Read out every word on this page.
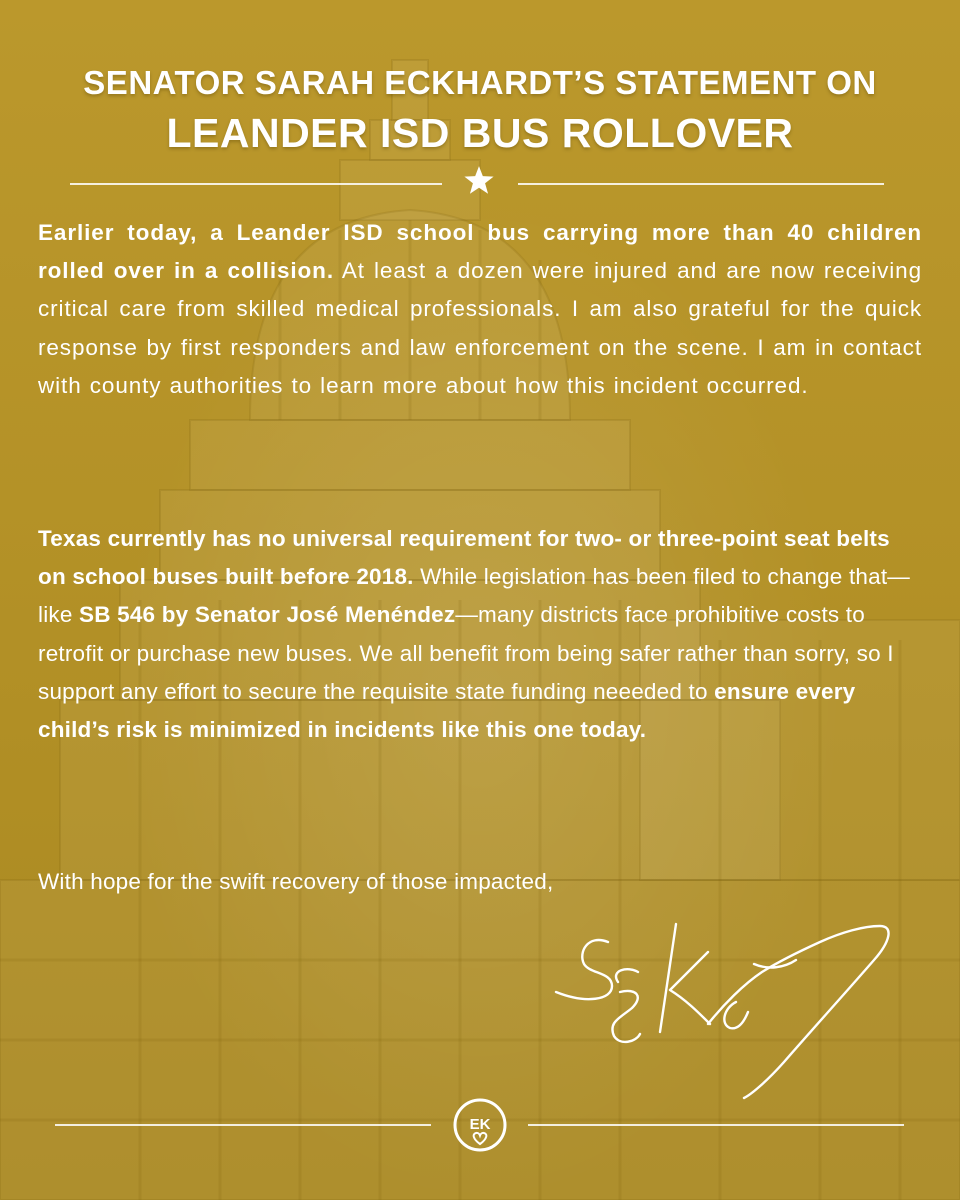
SENATOR SARAH ECKHARDT’S STATEMENT ON
LEANDER ISD BUS ROLLOVER

Earlier today, a Leander ISD school bus carrying more than 40 children rolled over in a collision. At least a dozen were injured and are now receiving critical care from skilled medical professionals. I am also grateful for the quick response by first responders and law enforcement on the scene. I am in contact with county authorities to learn more about how this incident occurred.

Texas currently has no universal requirement for two- or three-point seat belts on school buses built before 2018. While legislation has been filed to change that—like SB 546 by Senator José Menéndez—many districts face prohibitive costs to retrofit or purchase new buses. We all benefit from being safer rather than sorry, so I support any effort to secure the requisite state funding neeeded to ensure every child’s risk is minimized in incidents like this one today.

With hope for the swift recovery of those impacted,

EK
